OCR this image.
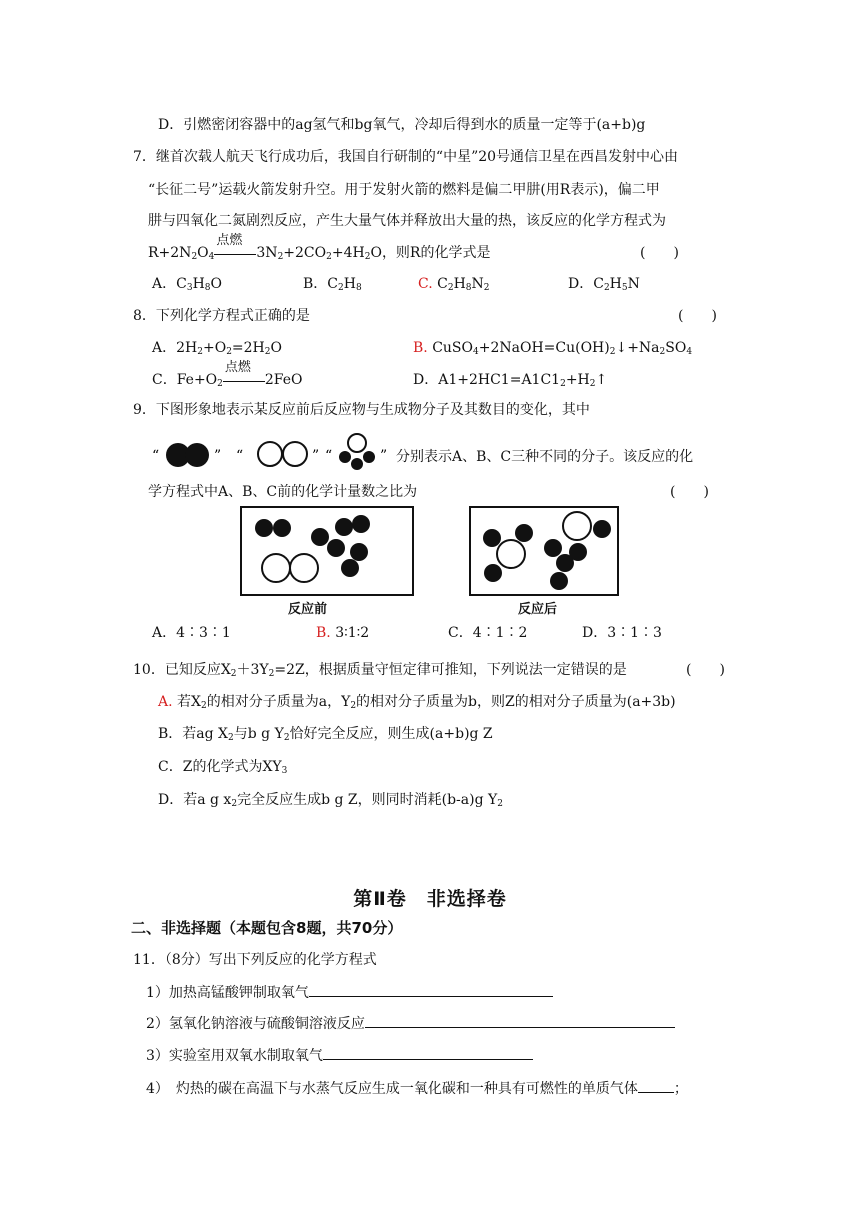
D．引燃密闭容器中的ag氢气和bg氧气，冷却后得到水的质量一定等于(a+b)g
7．继首次载人航天飞行成功后，我国自行研制的“中星”20号通信卫星在西昌发射中心由
“长征二号”运载火箭发射升空。用于发射火箭的燃料是偏二甲肼(用R表示)，偏二甲
肼与四氧化二氮剧烈反应，产生大量气体并释放出大量的热，该反应的化学方程式为
$R+2N_2O_4$
点燃
$3N_2+2CO_2+4H_2O$，则R的化学式是	(　　)
A．$C_3H_8O$	B．$C_2H_8$	C. $C_2H_8N_2$	D．$C_2H_5N$
8．下列化学方程式正确的是	(　　)
A．$2H_2+O_2=2H_2O$	B. $CuSO_4+2NaOH=Cu(OH)_2↓+Na_2SO_4$
C．$Fe+O_2$
点燃
2FeO	D．$A1+2HC1=A1C1_2+H_2↑$
9．下图形象地表示某反应前后反应物与生成物分子及其数目的变化，其中
“	” “	” “	” 分别表示A、B、C三种不同的分子。该反应的化
学方程式中A、B、C前的化学计量数之比为	(　　)
反应前	反应后
A．4∶3∶1	B. 3∶1∶2	C．4∶1∶2	D．3∶1∶3
10．已知反应$X_2+3Y_2=2Z$，根据质量守恒定律可推知，下列说法一定错误的是	(　　)
A. 若$X_2$的相对分子质量为a，$Y_2$的相对分子质量为b，则Z的相对分子质量为(a+3b)
B．若ag $X_2$与b g $Y_2$恰好完全反应，则生成(a+b)g Z
C．Z的化学式为$XY_3$
D．若a g $x_2$完全反应生成b g Z，则同时消耗(b-a)g $Y_2$
第Ⅱ卷　非选择卷
二、非选择题（本题包含8题，共70分）
11．（8分）写出下列反应的化学方程式
1）加热高锰酸钾制取氧气
2）氢氧化钠溶液与硫酸铜溶液反应
3）实验室用双氧水制取氧气
4）　灼热的碳在高温下与水蒸气反应生成一氧化碳和一种具有可燃性的单质气体	；
